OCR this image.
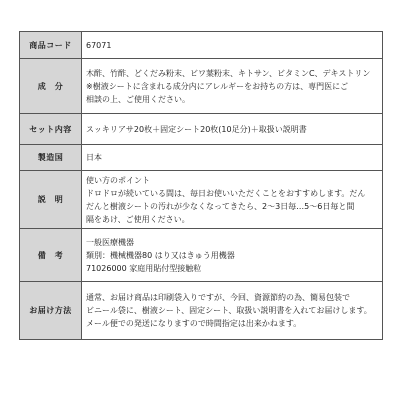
商品コード	67071

成　分	木酢、竹酢、どくだみ粉末、ビワ葉粉末、キトサン、ビタミンC、デキストリン
※樹液シートに含まれる成分内にアレルギーをお持ちの方は、専門医にご
相談の上、ご使用ください。

セット内容	スッキリアサ20枚＋固定シート20枚(10足分)＋取扱い説明書

製造国	日本

説　明	使い方のポイント
ドロドロが続いている間は、毎日お使いいただくことをおすすめします。だん
だんと樹液シートの汚れが少なくなってきたら、2～3日毎…5～6日毎と間
隔をあけ、ご使用ください。

備　考	一般医療機器
類別：機械機器80 はり又はきゅう用機器
71026000 家庭用貼付型接触粒

お届け方法	通常、お届け商品は印刷袋入りですが、今回、資源節約の為、簡易包装で
ビニール袋に、樹液シート、固定シート、取扱い説明書を入れてお届けします。
メール便での発送になりますので時間指定は出来かねます。
